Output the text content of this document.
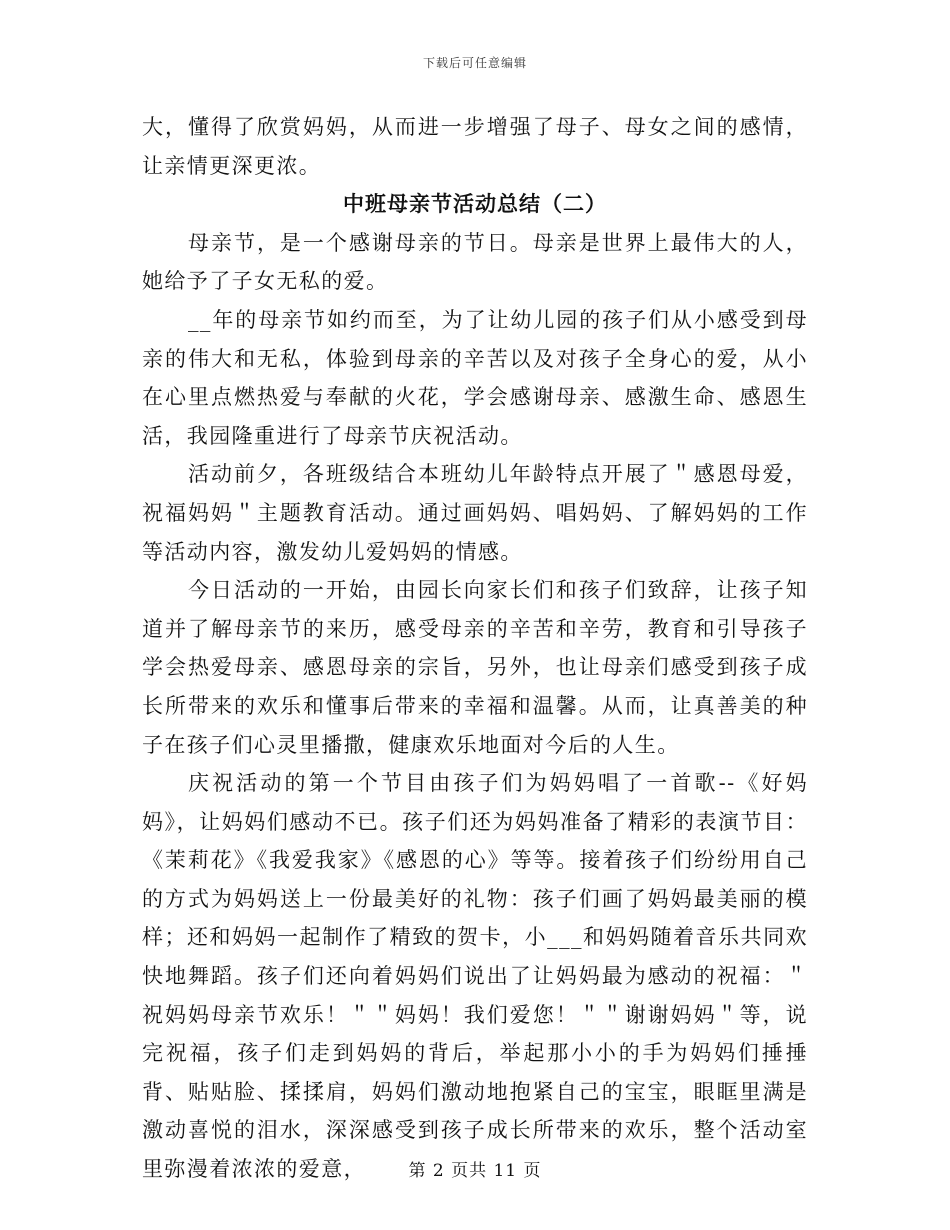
下载后可任意编辑

大，懂得了欣赏妈妈，从而进一步增强了母子、母女之间的感情，让亲情更深更浓。

中班母亲节活动总结（二）

母亲节，是一个感谢母亲的节日。母亲是世界上最伟大的人，她给予了子女无私的爱。

__年的母亲节如约而至，为了让幼儿园的孩子们从小感受到母亲的伟大和无私，体验到母亲的辛苦以及对孩子全身心的爱，从小在心里点燃热爱与奉献的火花，学会感谢母亲、感激生命、感恩生活，我园隆重进行了母亲节庆祝活动。

活动前夕，各班级结合本班幼儿年龄特点开展了＂感恩母爱，祝福妈妈＂主题教育活动。通过画妈妈、唱妈妈、了解妈妈的工作等活动内容，激发幼儿爱妈妈的情感。

今日活动的一开始，由园长向家长们和孩子们致辞，让孩子知道并了解母亲节的来历，感受母亲的辛苦和辛劳，教育和引导孩子学会热爱母亲、感恩母亲的宗旨，另外，也让母亲们感受到孩子成长所带来的欢乐和懂事后带来的幸福和温馨。从而，让真善美的种子在孩子们心灵里播撒，健康欢乐地面对今后的人生。

庆祝活动的第一个节目由孩子们为妈妈唱了一首歌--《好妈妈》，让妈妈们感动不已。孩子们还为妈妈准备了精彩的表演节目：《茉莉花》《我爱我家》《感恩的心》等等。接着孩子们纷纷用自己的方式为妈妈送上一份最美好的礼物：孩子们画了妈妈最美丽的模样；还和妈妈一起制作了精致的贺卡，小___和妈妈随着音乐共同欢快地舞蹈。孩子们还向着妈妈们说出了让妈妈最为感动的祝福：＂祝妈妈母亲节欢乐！＂＂妈妈！我们爱您！＂＂谢谢妈妈＂等，说完祝福，孩子们走到妈妈的背后，举起那小小的手为妈妈们捶捶背、贴贴脸、揉揉肩，妈妈们激动地抱紧自己的宝宝，眼眶里满是激动喜悦的泪水，深深感受到孩子成长所带来的欢乐，整个活动室里弥漫着浓浓的爱意，	第 2 页共 11 页
